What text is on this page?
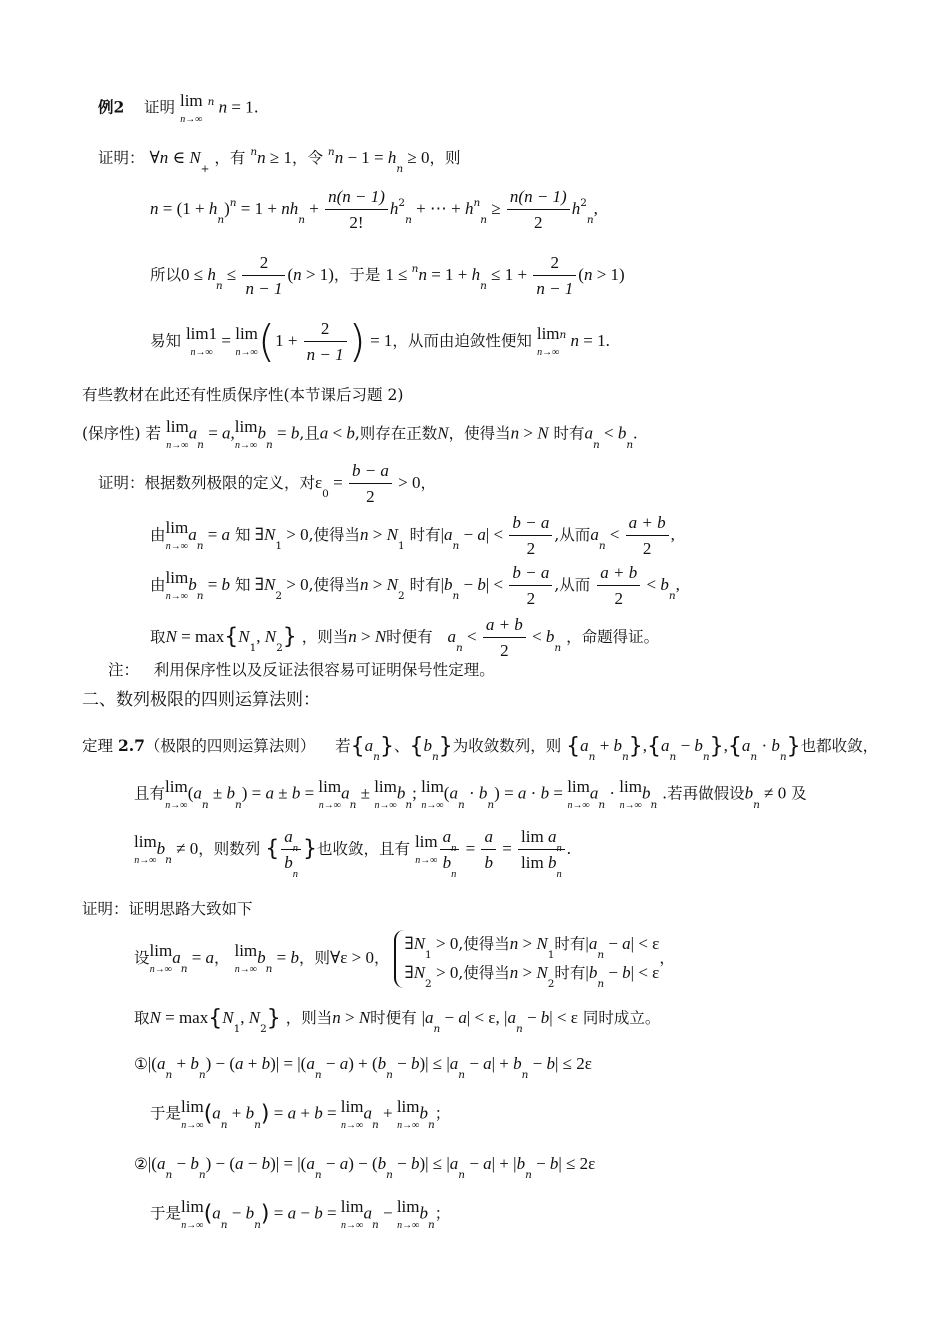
例2 证明 lim
n→∞
$^n$ n = 1.
证明： ∀n ∈ $N_+$ ，有 $^n$n ≥ 1，令 $^nn - 1 = h_n \ge 0$，则
$n = (1 + h_n)^n = 1 + nh_n + \frac{n(n - 1)}{2!} h^2_n$ + ⋯ + $h^n_n \ge \frac{n(n - 1)}{2} h^2_n$,
所以$0 \le h_n \le \frac{2}{n - 1} (n > 1)$，于是 $1 \le ^nn = 1 + h_n \le 1 + \frac{2}{n - 1} (n > 1)$
易知 lim1
n→∞
= lim
n→∞ ($1 + \frac{2}{n - 1}$ ) = 1，从而由迫敛性便知 lim
n→∞
$^n$ n = 1.
有些教材在此还有性质保序性(本节课后习题 2)
(保序性) 若 lim
n→∞
$a_n = a$, lim
n→∞
$b_n = b$,且a < b,则存在正数N，使得当n > N 时有$a_n < b_n$.
证明：根据数列极限的定义，对$\varepsilon_0 = \frac{b - a}{2} > 0$，
由 lim
n→∞
$a_n = a$ 知 $\exists N_1 > 0$,使得当$n > N_1$ 时有$|a_n - a| < \frac{b - a}{2}$ ,从而$a_n < \frac{a + b}{2}$ ,
由 lim
n→∞
$b_n = b$ 知 $\exists N_2 > 0$,使得当$n > N_2$ 时有$|b_n - b| < \frac{b - a}{2}$ ,从而 $\frac{a + b}{2} < b_n$,
取$N = \max\{N_1$, $N_2$} ，则当n > N时便有 $a_n < \frac{a + b}{2} < b_n$ ，命题得证。
注： 利用保序性以及反证法很容易可证明保号性定理。
二、数列极限的四则运算法则：
定理 2.7（极限的四则运算法则） 若$\{a_n\}$、$\{b_n\}$为收敛数列，则 $\{a_n + b_n\},\{a_n - b_n\},\{a_n \cdot b_n\}$也都收敛，
且有 lim
n→∞
$(a_n \pm b_n) = a \pm b = \lim$
n→∞
$a_n \pm \lim$
n→∞
$b_n$; lim
n→∞
$(a_n \cdot b_n) = a \cdot b = \lim$
n→∞
$a_n \cdot \lim$
n→∞
$b_n$ .若再做假设$b_n \ne 0$ 及
lim
n→∞
$b_n \ne 0$，则数列 { $\frac{a_n}{b_n}$ }也收敛，且有 lim
$n\to\infty \frac{a_n}{b_n} = \frac{a}{b} = \frac{\lim a_n}{\lim b_n}$ .
证明：证明思路大致如下
设 lim
n→∞
$a_n = a$， lim
n→∞
$b_n = b$，则∀ε > 0， $\exists N_1 > 0$,使得当$n > N_1$时有$|a_n - a| < \varepsilon$
$\exists N_2 > 0$,使得当$n > N_2$时有$|b_n - b| < \varepsilon$，
取$N = \max\{N_1$, $N_2$} ，则当n > N时便有 $|a_n - a| < \varepsilon$, $|a_n - b| < \varepsilon$ 同时成立。
$①|(a_n + b_n) - (a + b)| = |(a_n - a) + (b_n - b)| \le |a_n - a| + b_n - b| \le 2\varepsilon$
于是 lim
n→∞ $(a_n + b_n) = a + b = \lim$
n→∞
$a_n + \lim$
n→∞
$b_n$；
$②|(a_n - b_n) - (a - b)| = |(a_n - a) - (b_n - b)| \le |a_n - a| + |b_n - b| \le 2\varepsilon$
于是 lim
n→∞ $(a_n - b_n) = a - b = \lim$
n→∞
$a_n - \lim$
n→∞
$b_n$；
